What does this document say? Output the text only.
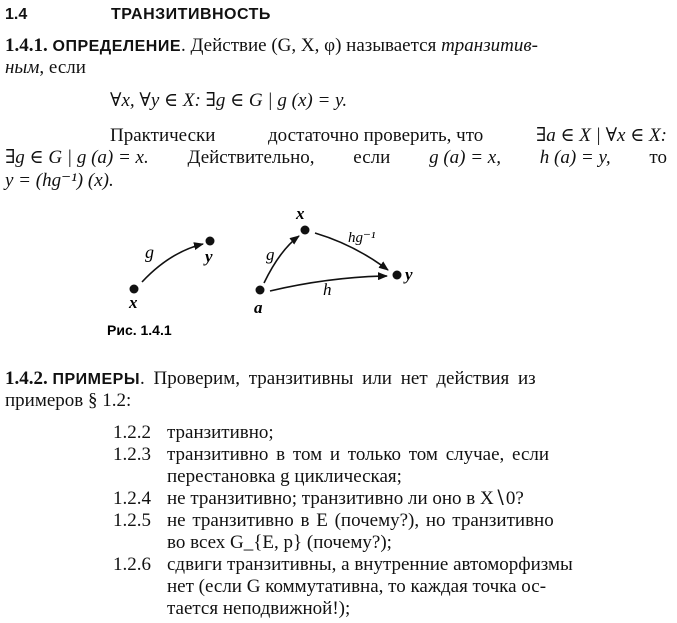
1.4	ТРАНЗИТИВНОСТЬ
1.4.1. ОПРЕДЕЛЕНИЕ. Действие (G, X, φ) называется транзитив-
ным, если
∀x, ∀y ∈ X: ∃g ∈ G | g (x) = y.
Практически	достаточно проверить, что	∃a ∈ X | ∀x ∈ X:
∃g ∈ G | g (a) = x. Действительно, если g (a) = x, h (a) = y, то
y = (hg⁻¹) (x).
g
x
y
x
a
y
g
hg⁻¹
h
Рис. 1.4.1
1.4.2. ПРИМЕРЫ. Проверим, транзитивны или нет действия из
примеров § 1.2:
1.2.2 транзитивно;
1.2.3 транзитивно в том и только том случае, если
перестановка g циклическая;
1.2.4 не транзитивно; транзитивно ли оно в X∖0?
1.2.5 не транзитивно в E (почему?), но транзитивно
во всех G_{E, p} (почему?);
1.2.6 сдвиги транзитивны, а внутренние автоморфизмы
нет (если G коммутативна, то каждая точка ос-
тается неподвижной!);
